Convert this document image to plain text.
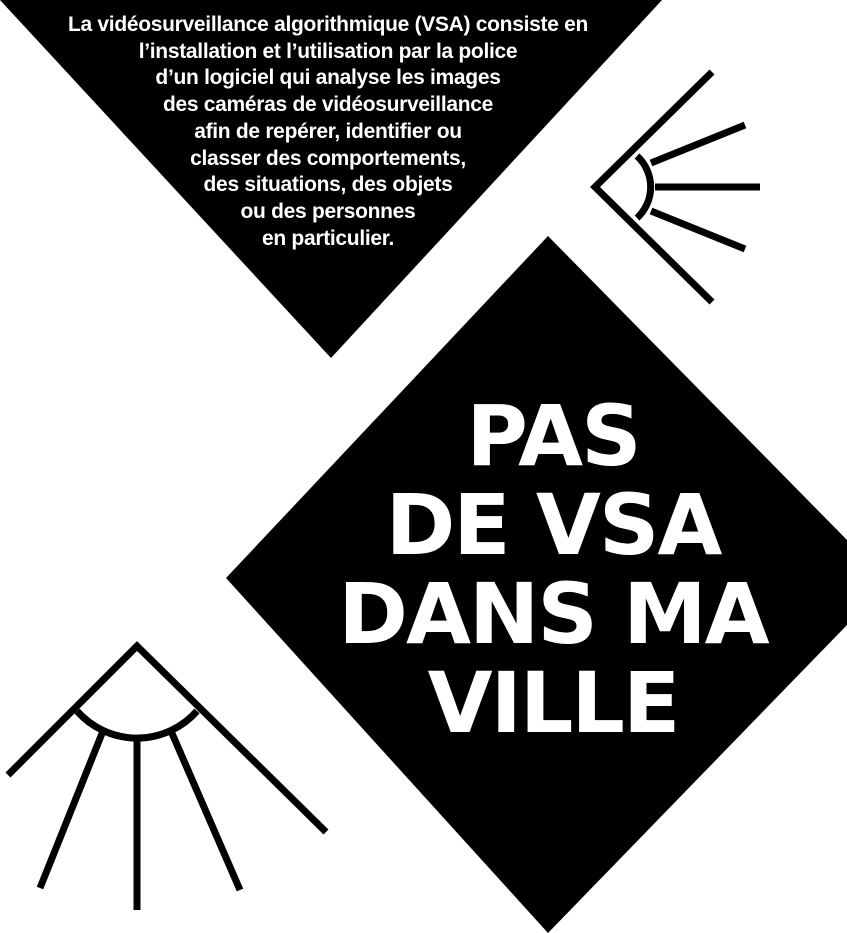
La vidéosurveillance algorithmique (VSA) consiste en
l’installation et l’utilisation par la police
d’un logiciel qui analyse les images
des caméras de vidéosurveillance
afin de repérer, identifier ou
classer des comportements,
des situations, des objets
ou des personnes
en particulier.

PAS
DE VSA
DANS MA
VILLE
